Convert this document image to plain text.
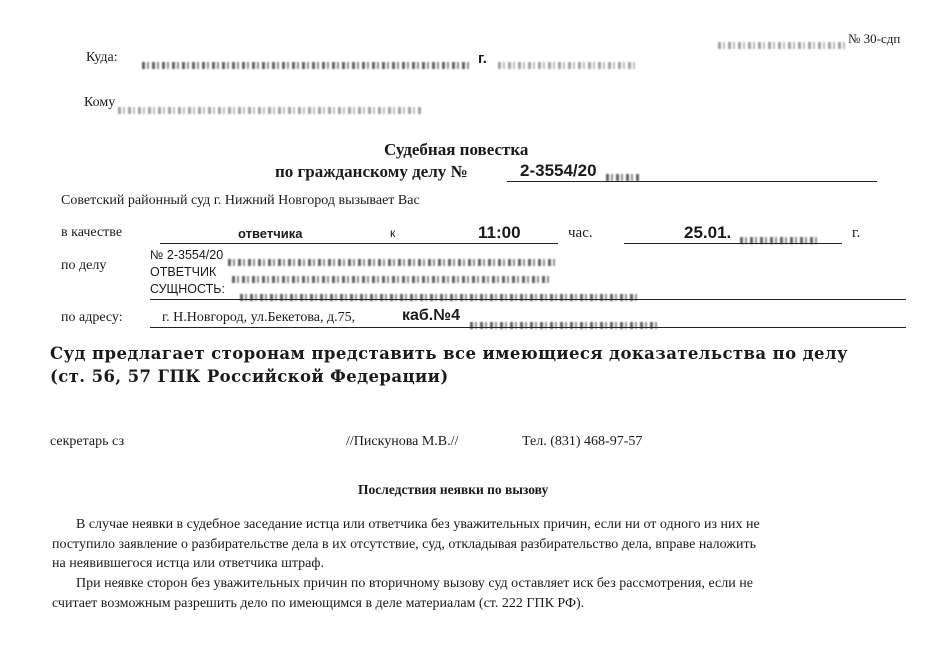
№ 30-сдп
Куда:	г.
Кому
Судебная повестка
по гражданскому делу №	2-3554/20
Советский районный суд г. Нижний Новгород вызывает Вас
в качестве	ответчика	к	11:00	час.	25.01.	г.
по делу
№ 2-3554/20
ОТВЕТЧИК
СУЩНОСТЬ:
по адресу:	г. Н.Новгород, ул.Бекетова, д.75,	каб.№4
Суд предлагает сторонам представить все имеющиеся доказательства по делу
(ст. 56, 57 ГПК Российской Федерации)
секретарь сз	//Пискунова М.В.//	Тел. (831) 468-97-57
Последствия неявки по вызову
В случае неявки в судебное заседание истца или ответчика без уважительных причин, если ни от одного из них не
поступило заявление о разбирательстве дела в их отсутствие, суд, откладывая разбирательство дела, вправе наложить
на неявившегося истца или ответчика штраф.
При неявке сторон без уважительных причин по вторичному вызову суд оставляет иск без рассмотрения, если не
считает возможным разрешить дело по имеющимся в деле материалам (ст. 222 ГПК РФ).
